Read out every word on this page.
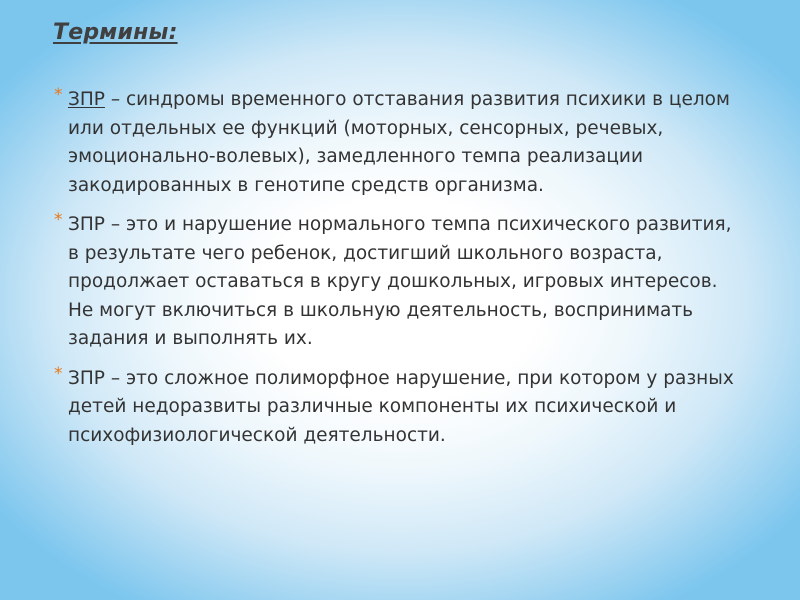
Термины:
* ЗПР – синдромы временного отставания развития психики в целом или отдельных ее функций (моторных, сенсорных, речевых, эмоционально-волевых), замедленного темпа реализации закодированных в генотипе средств организма.
* ЗПР – это и нарушение нормального темпа психического развития, в результате чего ребенок, достигший школьного возраста, продолжает оставаться в кругу дошкольных, игровых интересов. Не могут включиться в школьную деятельность, воспринимать задания и выполнять их.
* ЗПР – это сложное полиморфное нарушение, при котором у разных детей недоразвиты различные компоненты их психической и психофизиологической деятельности.
